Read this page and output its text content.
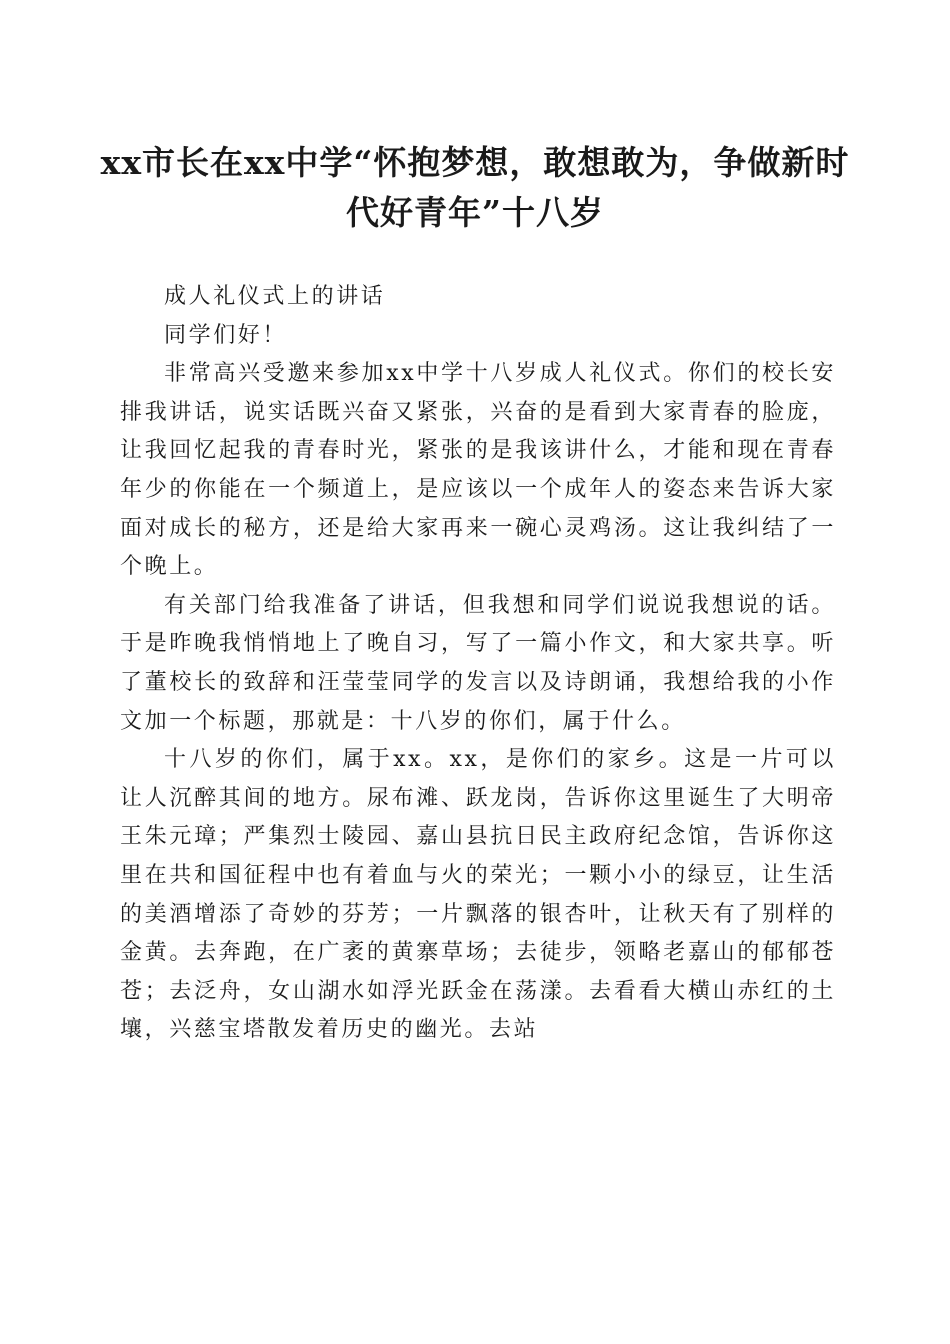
xx市长在xx中学“怀抱梦想，敢想敢为，争做新时代好青年”十八岁

成人礼仪式上的讲话

同学们好！

非常高兴受邀来参加xx中学十八岁成人礼仪式。你们的校长安排我讲话，说实话既兴奋又紧张，兴奋的是看到大家青春的脸庞，让我回忆起我的青春时光，紧张的是我该讲什么，才能和现在青春年少的你能在一个频道上，是应该以一个成年人的姿态来告诉大家面对成长的秘方，还是给大家再来一碗心灵鸡汤。这让我纠结了一个晚上。

有关部门给我准备了讲话，但我想和同学们说说我想说的话。于是昨晚我悄悄地上了晚自习，写了一篇小作文，和大家共享。听了董校长的致辞和汪莹莹同学的发言以及诗朗诵，我想给我的小作文加一个标题，那就是：十八岁的你们，属于什么。

十八岁的你们，属于xx。xx，是你们的家乡。这是一片可以让人沉醉其间的地方。尿布滩、跃龙岗，告诉你这里诞生了大明帝王朱元璋；严集烈士陵园、嘉山县抗日民主政府纪念馆，告诉你这里在共和国征程中也有着血与火的荣光；一颗小小的绿豆，让生活的美酒增添了奇妙的芬芳；一片飘落的银杏叶，让秋天有了别样的金黄。去奔跑，在广袤的黄寨草场；去徒步，领略老嘉山的郁郁苍苍；去泛舟，女山湖水如浮光跃金在荡漾。去看看大横山赤红的土壤，兴慈宝塔散发着历史的幽光。去站
